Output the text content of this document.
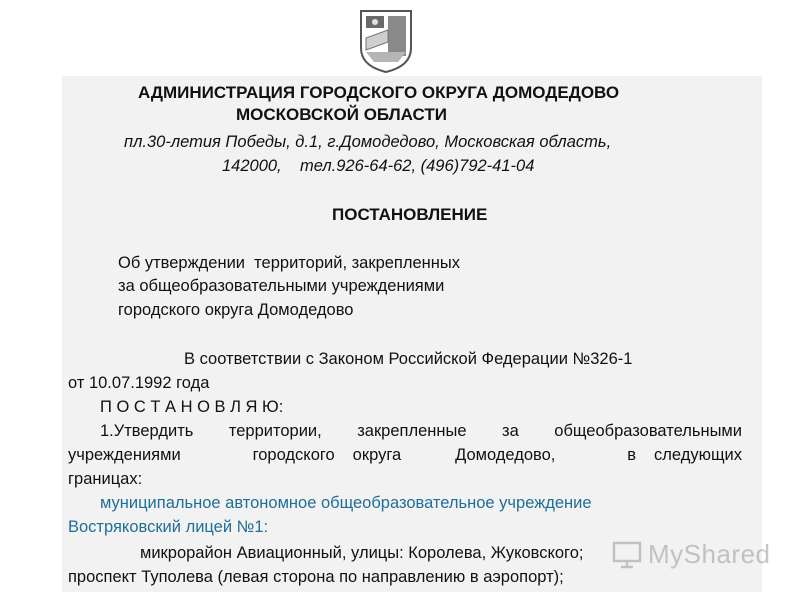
АДМИНИСТРАЦИЯ ГОРОДСКОГО ОКРУГА ДОМОДЕДОВО

МОСКОВСКОЙ ОБЛАСТИ

пл.30-летия Победы, д.1, г.Домодедово, Московская область,

142000,    тел.926-64-62, (496)792-41-04

ПОСТАНОВЛЕНИЕ

Об утверждении  территорий, закрепленных

за общеобразовательными учреждениями

городского округа Домодедово

В соответствии с Законом Российской Федерации №326-1

от 10.07.1992 года

П О С Т А Н О В Л Я Ю:

1.Утвердить территории, закрепленные за общеобразовательными

учреждениями    городского округа   Домодедово,    в следующих

границах:

муниципальное автономное общеобразовательное учреждение

Востряковский лицей №1:

микрорайон Авиационный, улицы: Королева, Жуковского;

проспект Туполева (левая сторона по направлению в аэропорт);

MyShared
